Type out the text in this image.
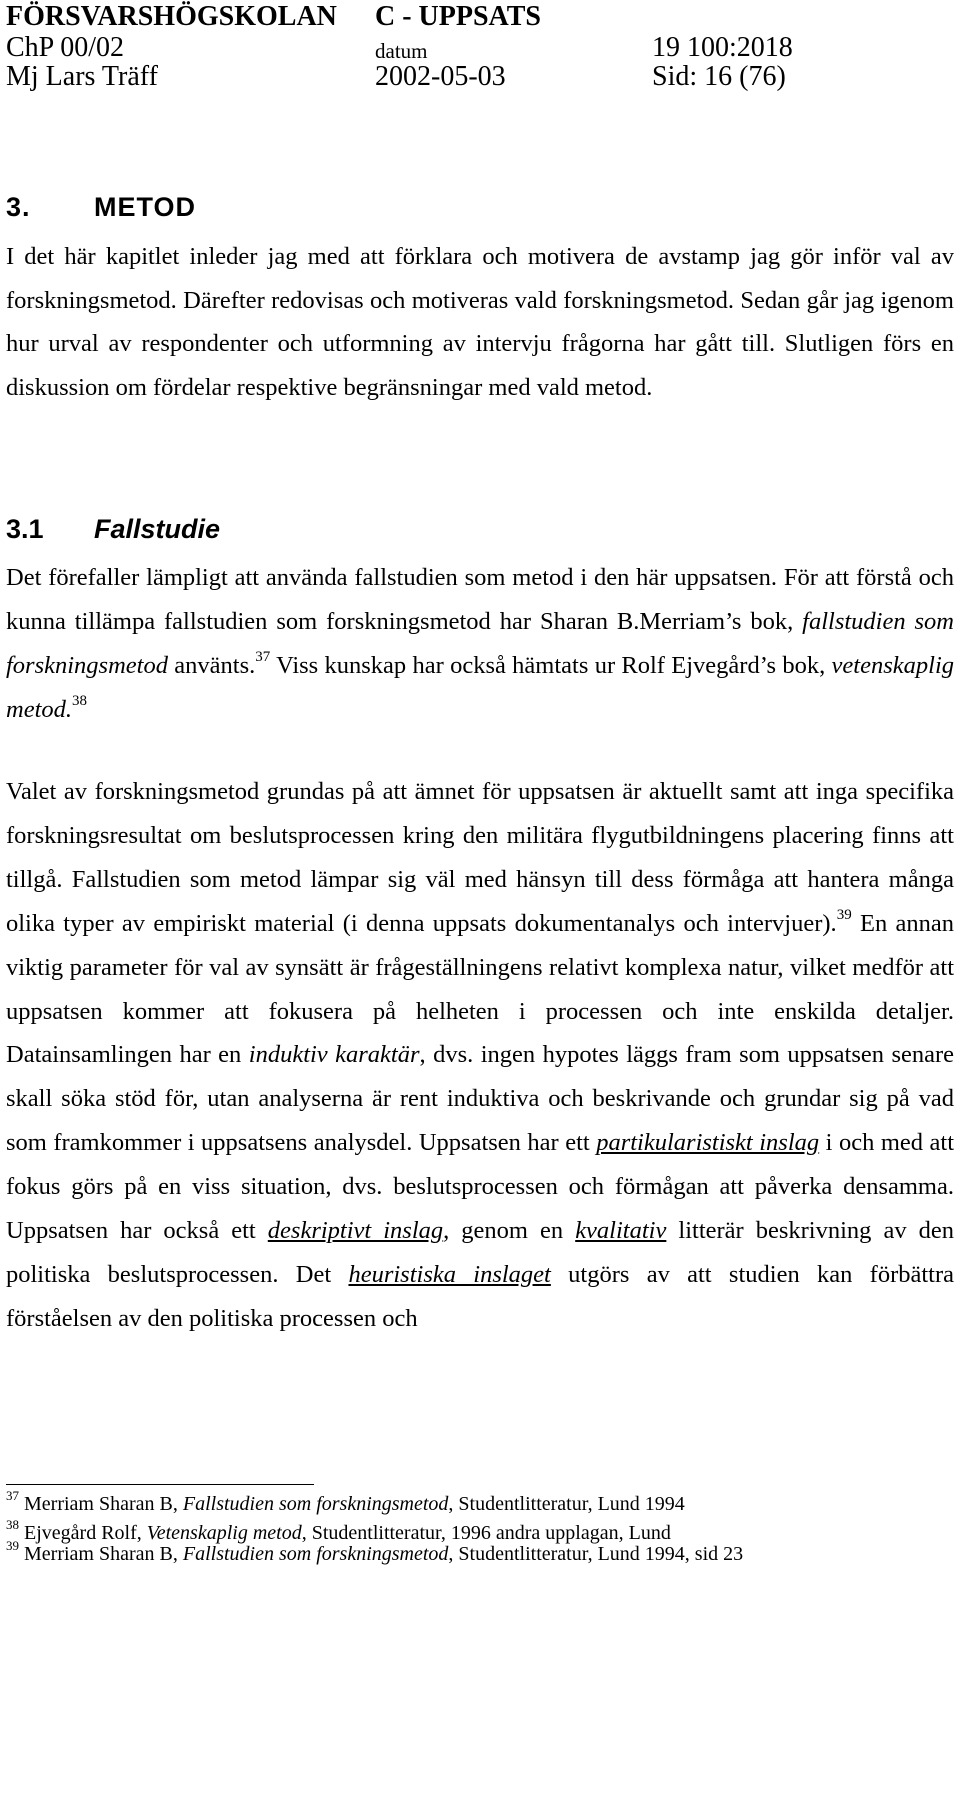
FÖRSVARSHÖGSKOLAN C - UPPSATS
ChP 00/02	datum	19 100:2018
Mj Lars Träff	2002-05-03	Sid: 16 (76)
3. METOD
I det här kapitlet inleder jag med att förklara och motivera de avstamp jag gör inför val av forskningsmetod. Därefter redovisas och motiveras vald forskningsmetod. Sedan går jag igenom hur urval av respondenter och utformning av intervju frågorna har gått till. Slutligen förs en diskussion om fördelar respektive begränsningar med vald metod.
3.1 Fallstudie
Det förefaller lämpligt att använda fallstudien som metod i den här uppsatsen. För att förstå och kunna tillämpa fallstudien som forskningsmetod har Sharan B.Merriam’s bok, fallstudien som forskningsmetod använts.$^{37}$ Viss kunskap har också hämtats ur Rolf Ejvegård’s bok, vetenskaplig metod.$^{38}$
Valet av forskningsmetod grundas på att ämnet för uppsatsen är aktuellt samt att inga specifika forskningsresultat om beslutsprocessen kring den militära flygutbildningens placering finns att tillgå. Fallstudien som metod lämpar sig väl med hänsyn till dess förmåga att hantera många olika typer av empiriskt material (i denna uppsats dokumentanalys och intervjuer).$^{39}$ En annan viktig parameter för val av synsätt är frågeställningens relativt komplexa natur, vilket medför att uppsatsen kommer att fokusera på helheten i processen och inte enskilda detaljer. Datainsamlingen har en induktiv karaktär, dvs. ingen hypotes läggs fram som uppsatsen senare skall söka stöd för, utan analyserna är rent induktiva och beskrivande och grundar sig på vad som framkommer i uppsatsens analysdel. Uppsatsen har ett partikularistiskt inslag i och med att fokus görs på en viss situation, dvs. beslutsprocessen och förmågan att påverka densamma. Uppsatsen har också ett deskriptivt inslag, genom en kvalitativ litterär beskrivning av den politiska beslutsprocessen. Det heuristiska inslaget utgörs av att studien kan förbättra förståelsen av den politiska processen och
$^{37}$ Merriam Sharan B, Fallstudien som forskningsmetod, Studentlitteratur, Lund 1994
$^{38}$ Ejvegård Rolf, Vetenskaplig metod, Studentlitteratur, 1996 andra upplagan, Lund
$^{39}$ Merriam Sharan B, Fallstudien som forskningsmetod, Studentlitteratur, Lund 1994, sid 23
